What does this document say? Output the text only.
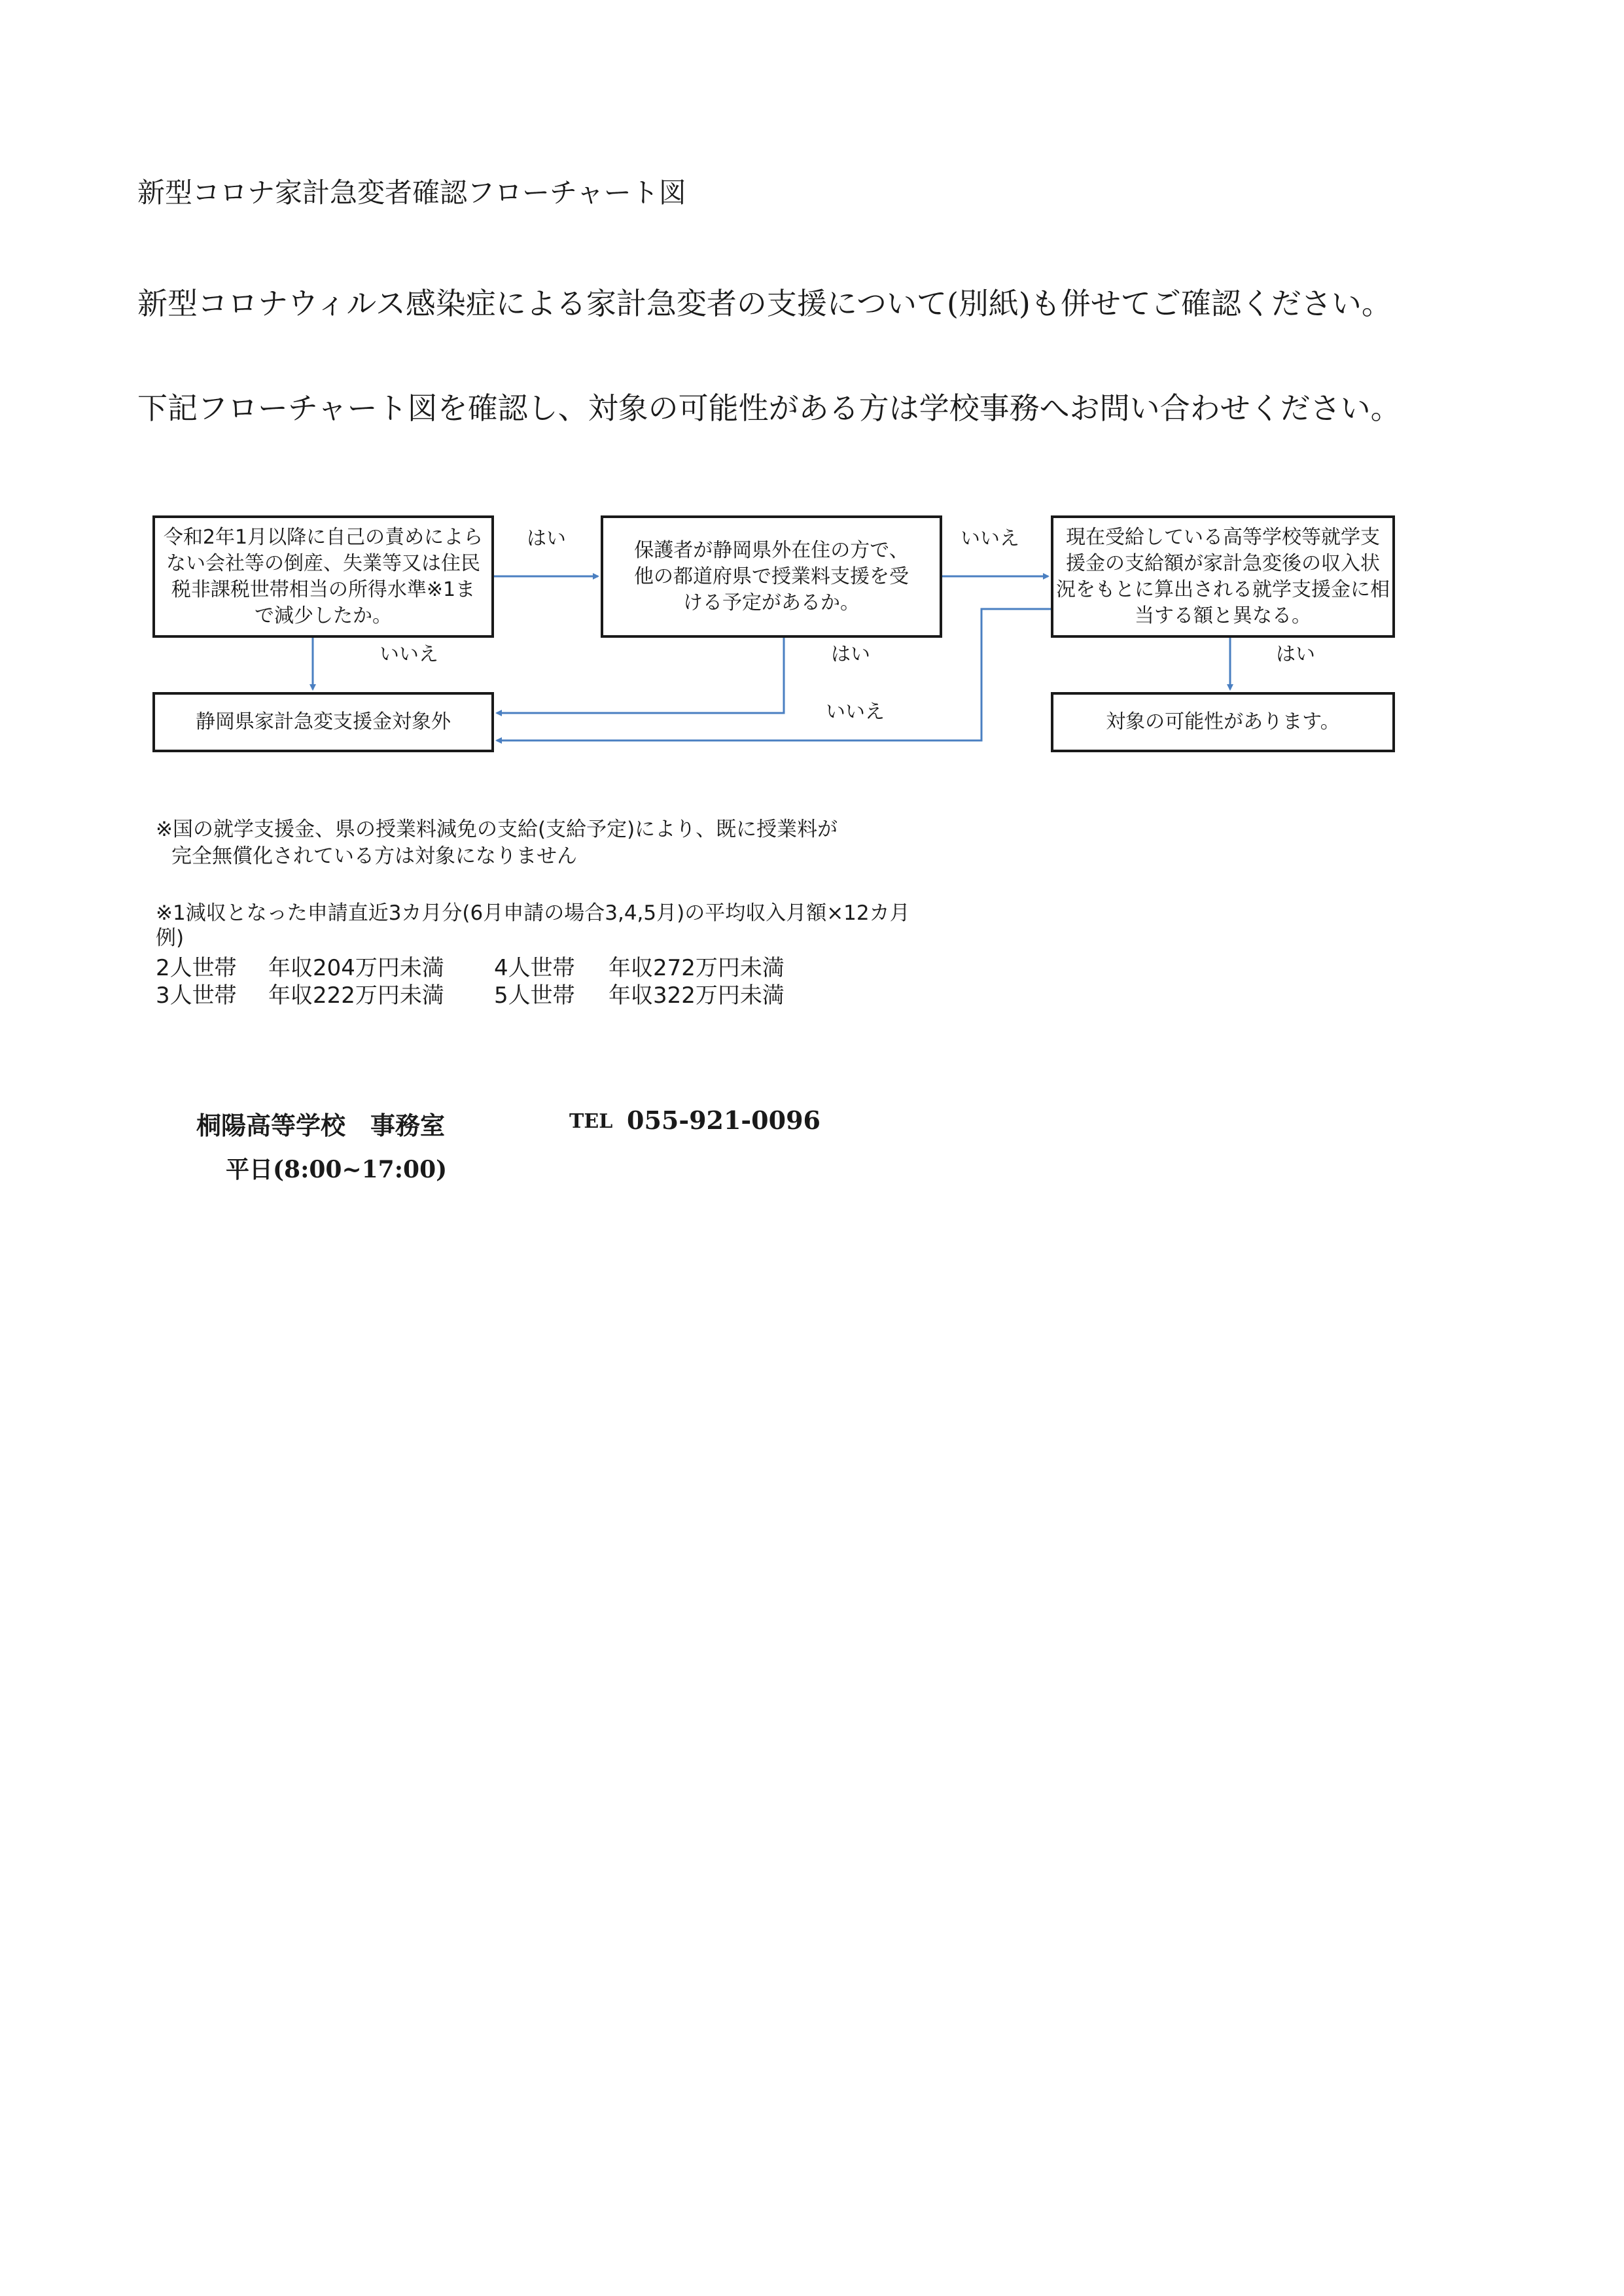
新型コロナ家計急変者確認フローチャート図
新型コロナウィルス感染症による家計急変者の支援について(別紙)も併せてご確認ください。
下記フローチャート図を確認し、対象の可能性がある方は学校事務へお問い合わせください。
令和2年1月以降に自己の責めによら
ない会社等の倒産、失業等又は住民
税非課税世帯相当の所得水準※1ま
で減少したか。
保護者が静岡県外在住の方で、
他の都道府県で授業料支援を受
ける予定があるか。
現在受給している高等学校等就学支
援金の支給額が家計急変後の収入状
況をもとに算出される就学支援金に相
当する額と異なる。
静岡県家計急変支援金対象外	対象の可能性があります。
はい	いいえ
いいえ	はい	はい
いいえ
※国の就学支援金、県の授業料減免の支給(支給予定)により、既に授業料が
完全無償化されている方は対象になりません
※1減収となった申請直近3カ月分(6月申請の場合3,4,5月)の平均収入月額×12カ月
例)
2人世帯 年収204万円未満 4人世帯 年収272万円未満
3人世帯 年収222万円未満 5人世帯 年収322万円未満
桐陽高等学校　事務室	TEL 055-921-0096
平日(8:00~17:00)
